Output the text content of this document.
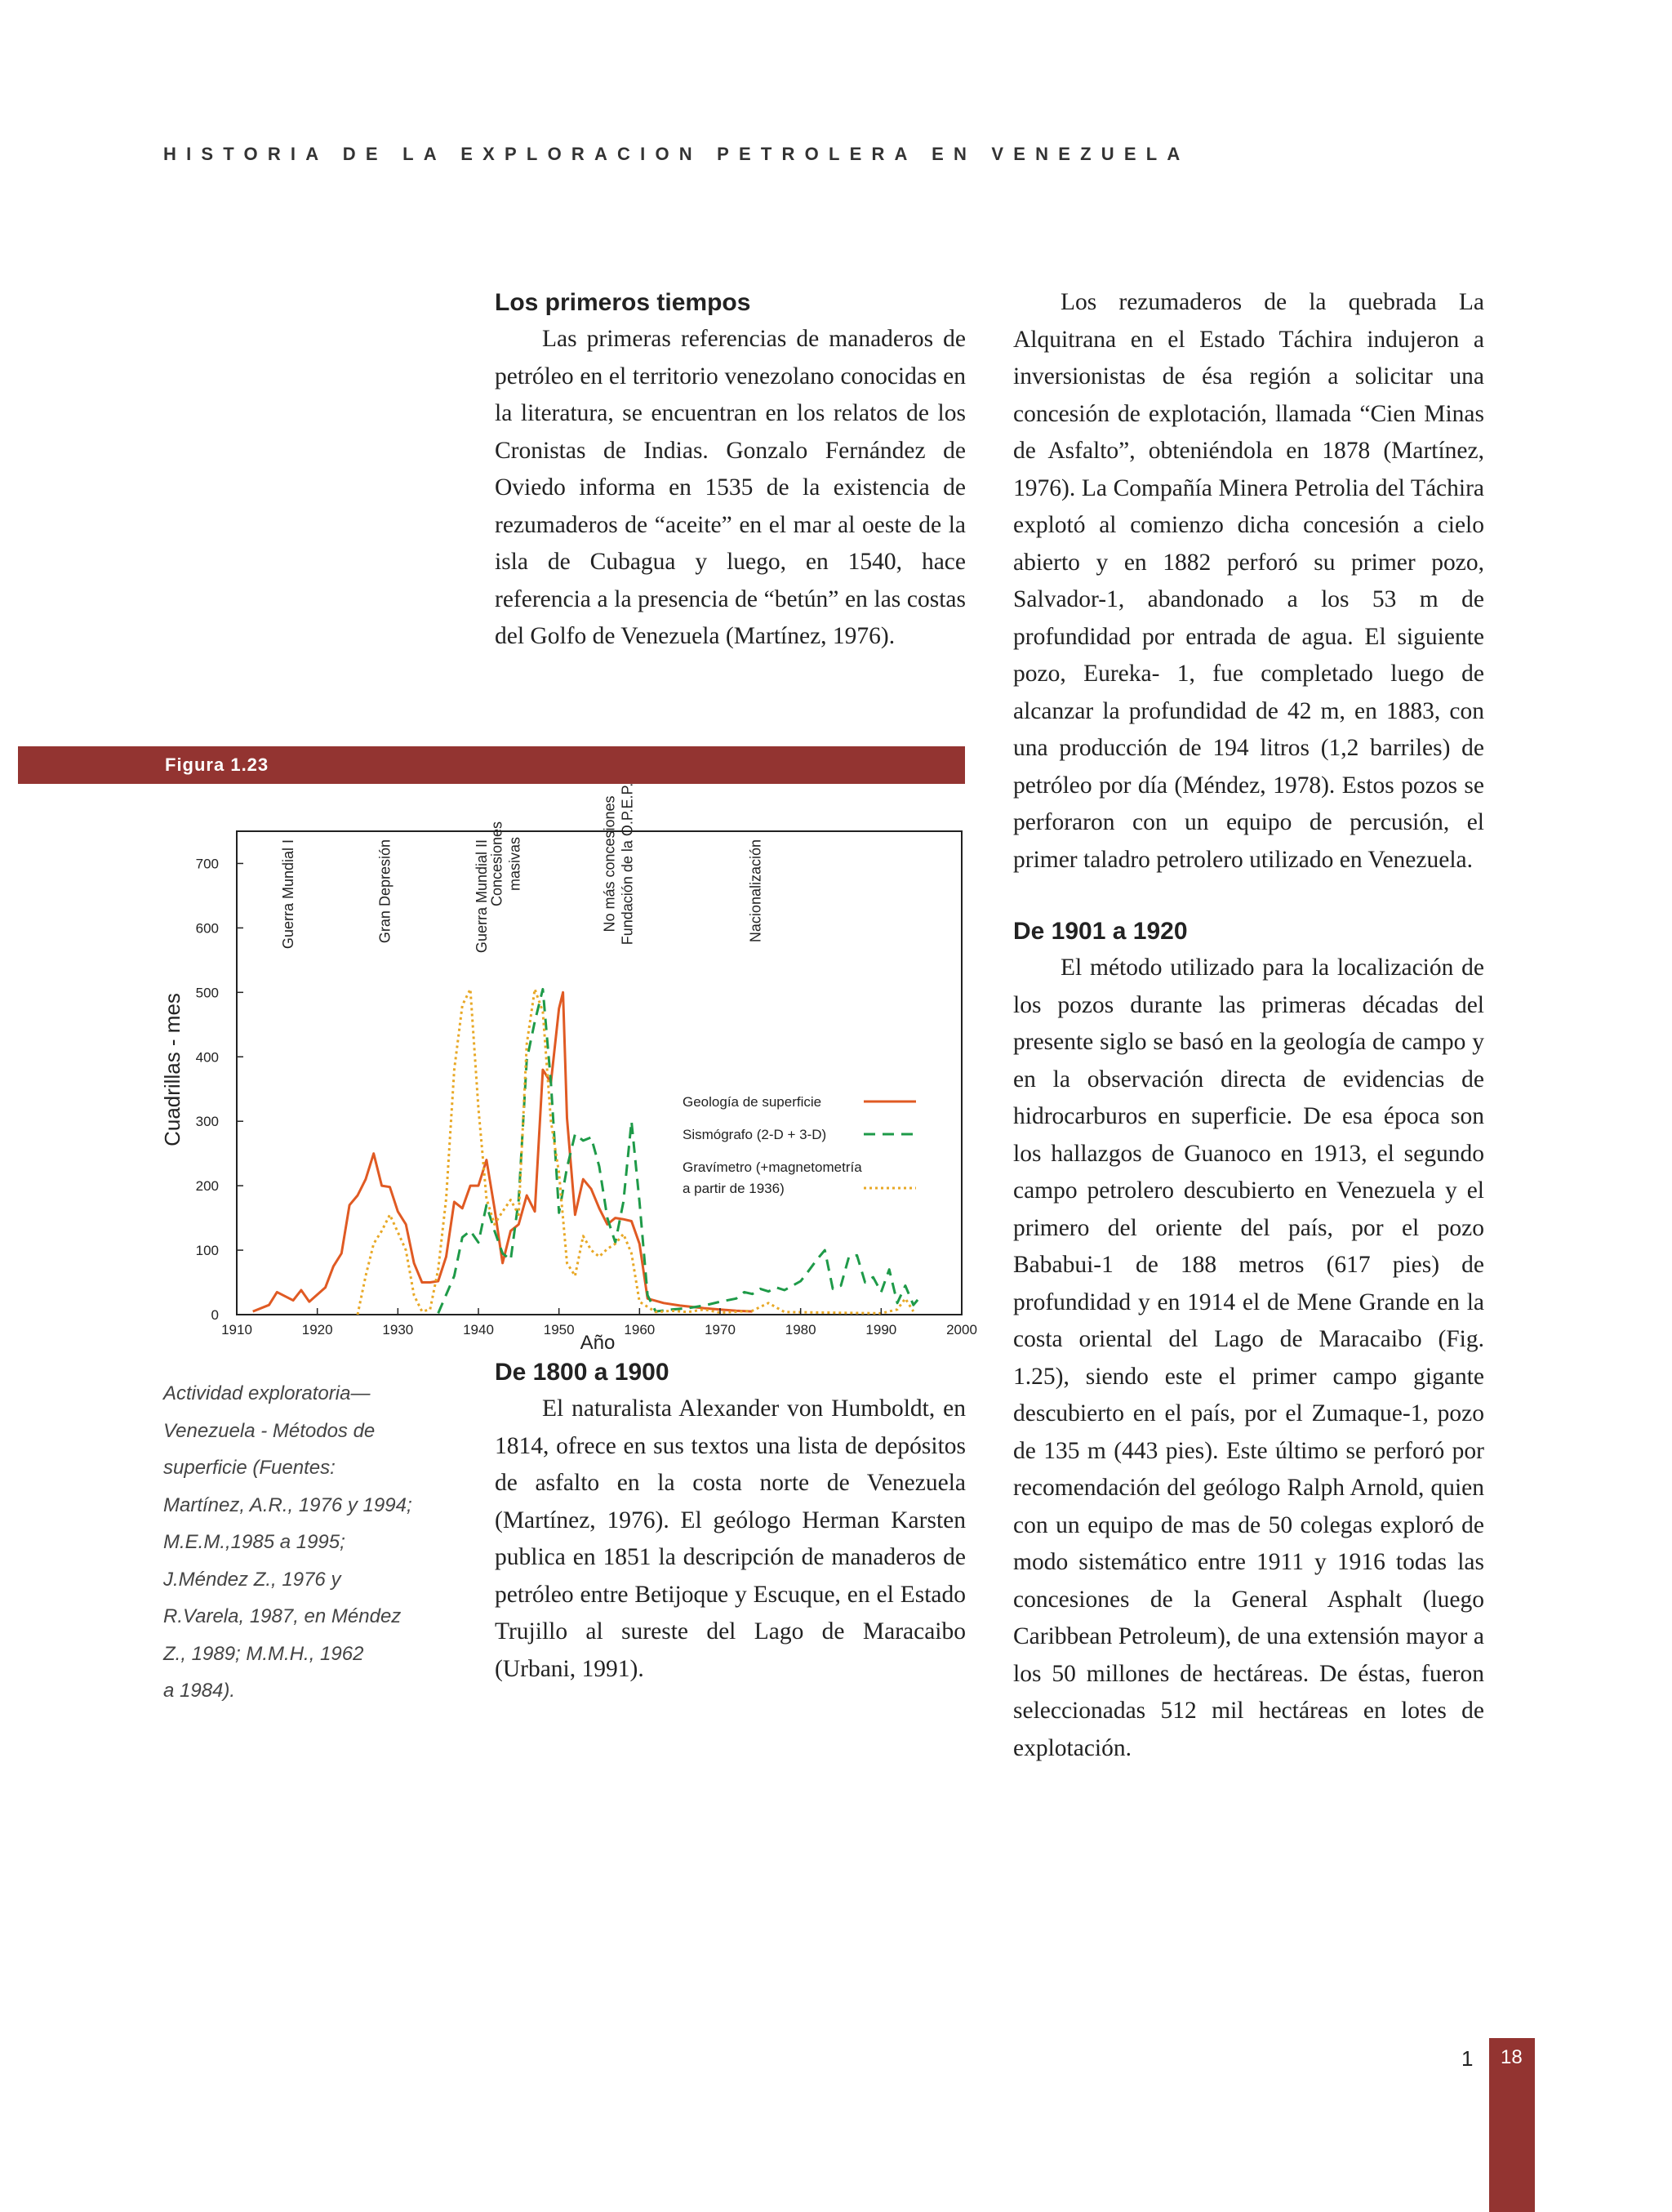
HISTORIA DE LA EXPLORACION PETROLERA EN VENEZUELA
Los primeros tiempos

Las primeras referencias de manaderos de petróleo en el territorio venezolano conocidas en la literatura, se encuentran en los relatos de los Cronistas de Indias. Gonzalo Fernández de Oviedo informa en 1535 de la existencia de rezumaderos de “aceite” en el mar al oeste de la isla de Cubagua y luego, en 1540, hace referencia a la presencia de “betún” en las costas del Golfo de Venezuela (Martínez, 1976).

Figura 1.23
Guerra Mundial I	Gran Depresión	Guerra Mundial II
Concesiones masivas	No más concesiones Fundación de la O.P.E.P.	Nacionalización
0
100
200
300
400
500
600
700
1910	1920	1930	1940	1950	1960	1970	1980	1990	2000
Geología de superficie
Sismógrafo (2-D + 3-D)
Gravímetro (+magnetometría
a partir de 1936)
Año
Cuadrillas - mes
Actividad exploratoria—
Venezuela - Métodos de
superficie (Fuentes:
Martínez, A.R., 1976 y 1994;
M.E.M.,1985 a 1995;
J.Méndez Z., 1976 y
R.Varela, 1987, en Méndez
Z., 1989; M.M.H., 1962
a 1984).
De 1800 a 1900

El naturalista Alexander von Humboldt, en 1814, ofrece en sus textos una lista de depósitos de asfalto en la costa norte de Venezuela (Martínez, 1976). El geólogo Herman Karsten publica en 1851 la descripción de manaderos de petróleo entre Betijoque y Escuque, en el Estado Trujillo al sureste del Lago de Maracaibo (Urbani, 1991).

Los rezumaderos de la quebrada La Alquitrana en el Estado Táchira indujeron a inversionistas de ésa región a solicitar una concesión de explotación, llamada “Cien Minas de Asfalto”, obteniéndola en 1878 (Martínez, 1976). La Compañía Minera Petrolia del Táchira explotó al comienzo dicha concesión a cielo abierto y en 1882 perforó su primer pozo, Salvador-1, abandonado a los 53 m de profundidad por entrada de agua. El siguiente pozo, Eureka- 1, fue completado luego de alcanzar la profundidad de 42 m, en 1883, con una producción de 194 litros (1,2 barriles) de petróleo por día (Méndez, 1978). Estos pozos se perforaron con un equipo de percusión, el primer taladro petrolero utilizado en Venezuela.

De 1901 a 1920

El método utilizado para la localización de los pozos durante las primeras décadas del presente siglo se basó en la geología de campo y en la observación directa de evidencias de hidrocarburos en superficie. De esa época son los hallazgos de Guanoco en 1913, el segundo campo petrolero descubierto en Venezuela y el primero del oriente del país, por el pozo Bababui-1 de 188 metros (617 pies) de profundidad y en 1914 el de Mene Grande en la costa oriental del Lago de Maracaibo (Fig. 1.25), siendo este el primer campo gigante descubierto en el país, por el Zumaque-1, pozo de 135 m (443 pies). Este último se perforó por recomendación del geólogo Ralph Arnold, quien con un equipo de mas de 50 colegas exploró de modo sistemático entre 1911 y 1916 todas las concesiones de la General Asphalt (luego Caribbean Petroleum), de una extensión mayor a los 50 millones de hectáreas. De éstas, fueron seleccionadas 512 mil hectáreas en lotes de explotación.

1 18
